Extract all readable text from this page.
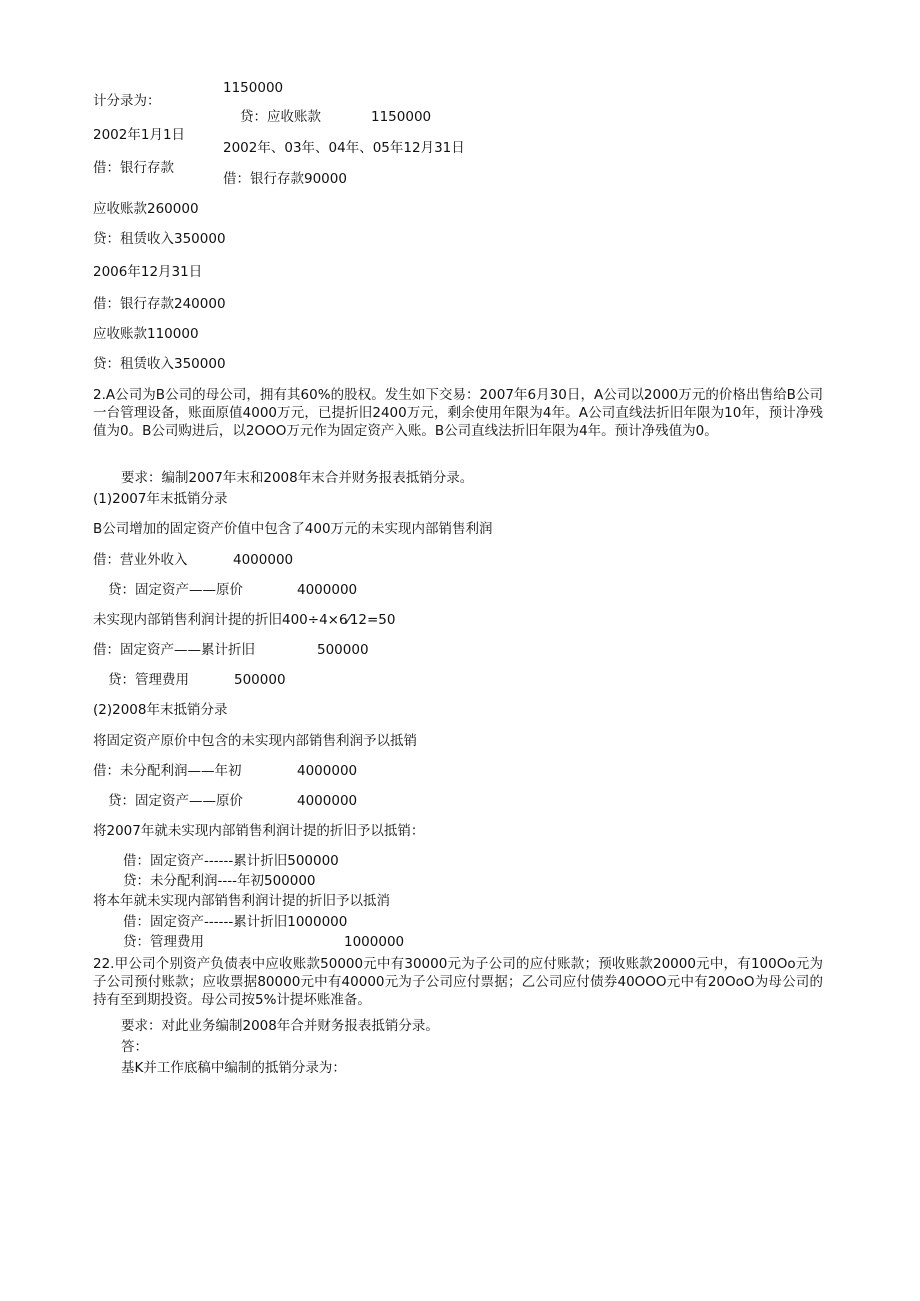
计分录为：
1150000
贷：应收账款	1150000
2002年1月1日
2002年、03年、04年、05年12月31日
借：银行存款
借：银行存款90000
应收账款260000
贷：租赁收入350000
2006年12月31日
借：银行存款240000
应收账款110000
贷：租赁收入350000
2.A公司为B公司的母公司，拥有其60%的股权。发生如下交易：2007年6月30日，A公司以2000万元的价格出售给B公司一台管理设备，账面原值4000万元，已提折旧2400万元，剩余使用年限为4年。A公司直线法折旧年限为10年，预计净残值为0。B公司购进后，以2OOO万元作为固定资产入账。B公司直线法折旧年限为4年。预计净残值为0。
要求：编制2007年末和2008年末合并财务报表抵销分录。
(1)2007年末抵销分录
B公司增加的固定资产价值中包含了400万元的未实现内部销售利润
借：营业外收入	4000000
贷：固定资产——原价	4000000
未实现内部销售利润计提的折旧400÷4×6⁄12=50
借：固定资产——累计折旧	500000
贷：管理费用	500000
(2)2008年末抵销分录
将固定资产原价中包含的未实现内部销售利润予以抵销
借：未分配利润——年初	4000000
贷：固定资产——原价	4000000
将2007年就未实现内部销售利润计提的折旧予以抵销：
借：固定资产------累计折旧500000
贷：未分配利润----年初500000
将本年就未实现内部销售利润计提的折旧予以抵消
借：固定资产------累计折旧1000000
贷：管理费用	1000000
22.甲公司个别资产负债表中应收账款50000元中有30000元为子公司的应付账款；预收账款20000元中，有100Oo元为子公司预付账款；应收票据80000元中有40000元为子公司应付票据；乙公司应付债券40OOO元中有20OoO为母公司的持有至到期投资。母公司按5%计提坏账准备。
要求：对此业务编制2008年合并财务报表抵销分录。
答：
基K并工作底稿中编制的抵销分录为：
